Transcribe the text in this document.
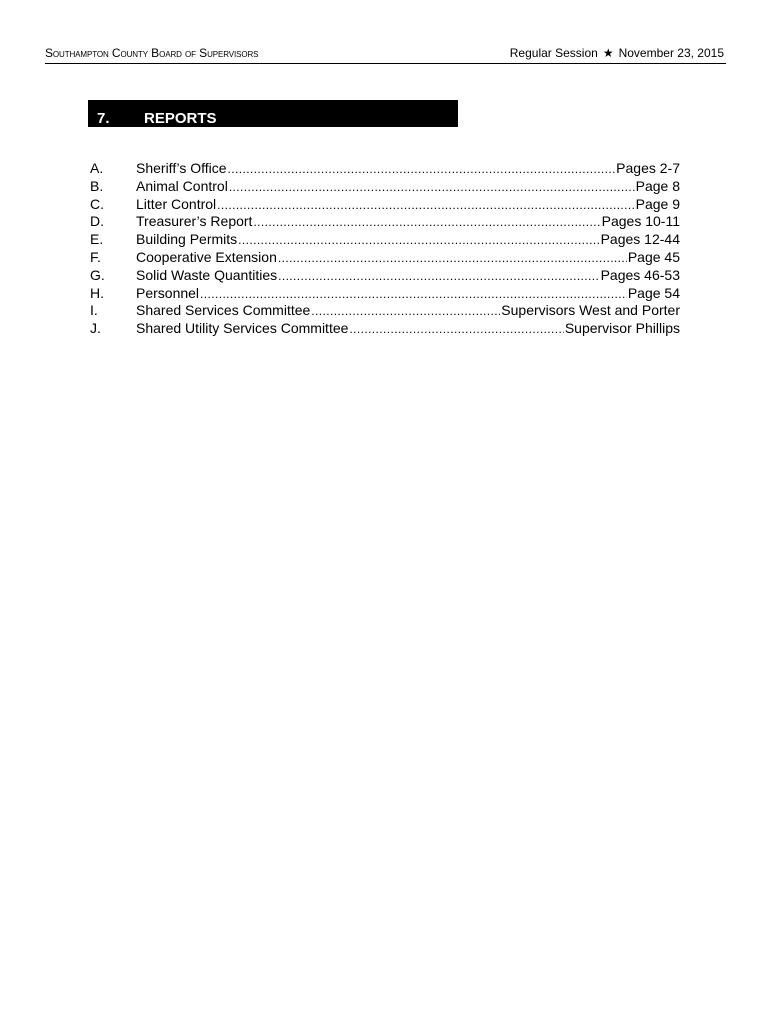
Southampton County Board of Supervisors	Regular Session ★ November 23, 2015
7. REPORTS
A. Sheriff’s Office .....	Pages 2-7
B. Animal Control .....	Page 8
C. Litter Control .....	Page 9
D. Treasurer’s Report .....	Pages 10-11
E. Building Permits .....	Pages 12-44
F.	Cooperative Extension .....	Page 45
G. Solid Waste Quantities .....	Pages 46-53
H. Personnel .....	Page 54
I.	Shared Services Committee .....	Supervisors West and Porter
J.	Shared Utility Services Committee .....	Supervisor Phillips
